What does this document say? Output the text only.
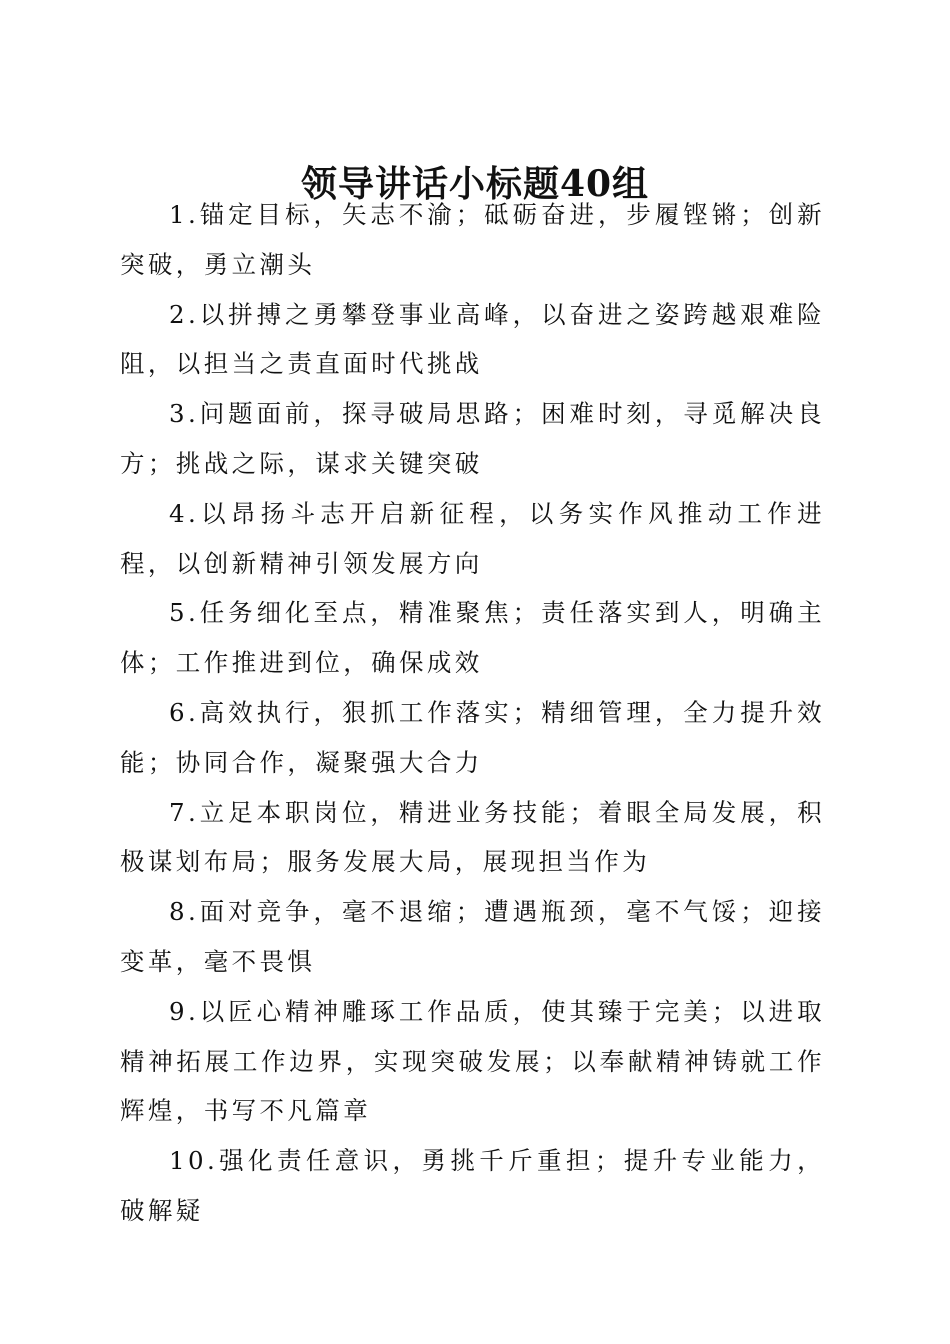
领导讲话小标题40组

1.锚定目标，矢志不渝；砥砺奋进，步履铿锵；创新突破，勇立潮头

2.以拼搏之勇攀登事业高峰，以奋进之姿跨越艰难险阻，以担当之责直面时代挑战

3.问题面前，探寻破局思路；困难时刻，寻觅解决良方；挑战之际，谋求关键突破

4.以昂扬斗志开启新征程，以务实作风推动工作进程，以创新精神引领发展方向

5.任务细化至点，精准聚焦；责任落实到人，明确主体；工作推进到位，确保成效

6.高效执行，狠抓工作落实；精细管理，全力提升效能；协同合作，凝聚强大合力

7.立足本职岗位，精进业务技能；着眼全局发展，积极谋划布局；服务发展大局，展现担当作为

8.面对竞争，毫不退缩；遭遇瓶颈，毫不气馁；迎接变革，毫不畏惧

9.以匠心精神雕琢工作品质，使其臻于完美；以进取精神拓展工作边界，实现突破发展；以奉献精神铸就工作辉煌，书写不凡篇章

10.强化责任意识，勇挑千斤重担；提升专业能力，破解疑
